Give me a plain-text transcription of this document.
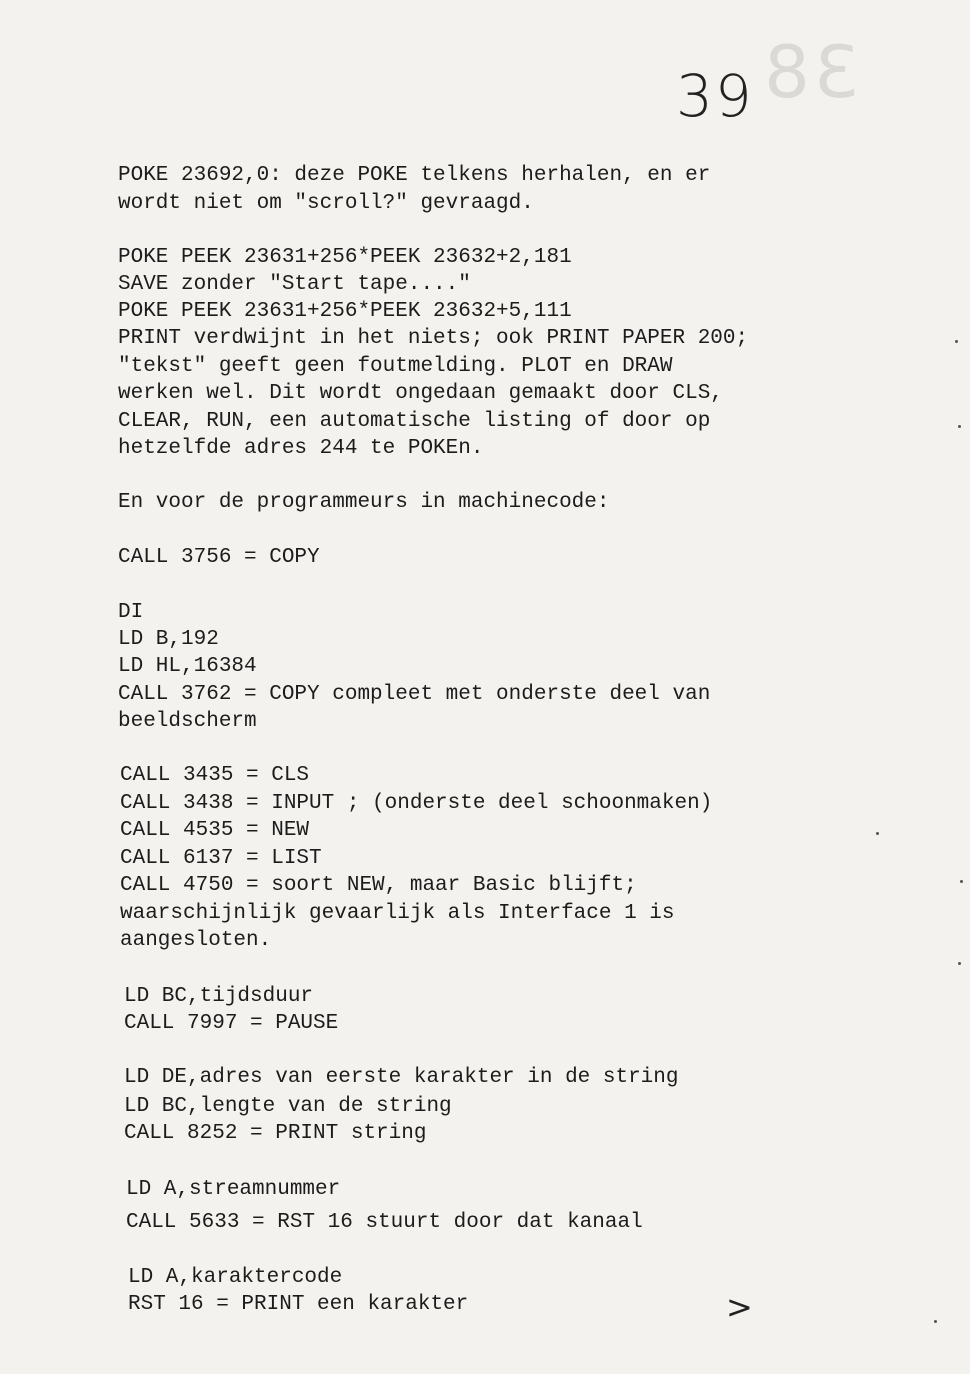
38
39
POKE 23692,0: deze POKE telkens herhalen, en er
wordt niet om "scroll?" gevraagd.
POKE PEEK 23631+256*PEEK 23632+2,181
SAVE zonder "Start tape...."
POKE PEEK 23631+256*PEEK 23632+5,111
PRINT verdwijnt in het niets; ook PRINT PAPER 200;
"tekst" geeft geen foutmelding. PLOT en DRAW
werken wel. Dit wordt ongedaan gemaakt door CLS,
CLEAR, RUN, een automatische listing of door op
hetzelfde adres 244 te POKEn.
En voor de programmeurs in machinecode:
CALL 3756 = COPY
DI
LD B,192
LD HL,16384
CALL 3762 = COPY compleet met onderste deel van
beeldscherm
CALL 3435 = CLS
CALL 3438 = INPUT ; (onderste deel schoonmaken)
CALL 4535 = NEW
CALL 6137 = LIST
CALL 4750 = soort NEW, maar Basic blijft;
waarschijnlijk gevaarlijk als Interface 1 is
aangesloten.
LD BC,tijdsduur
CALL 7997 = PAUSE
LD DE,adres van eerste karakter in de string
LD BC,lengte van de string
CALL 8252 = PRINT string
LD A,streamnummer
CALL 5633 = RST 16 stuurt door dat kanaal
LD A,karaktercode
RST 16 = PRINT een karakter	>
